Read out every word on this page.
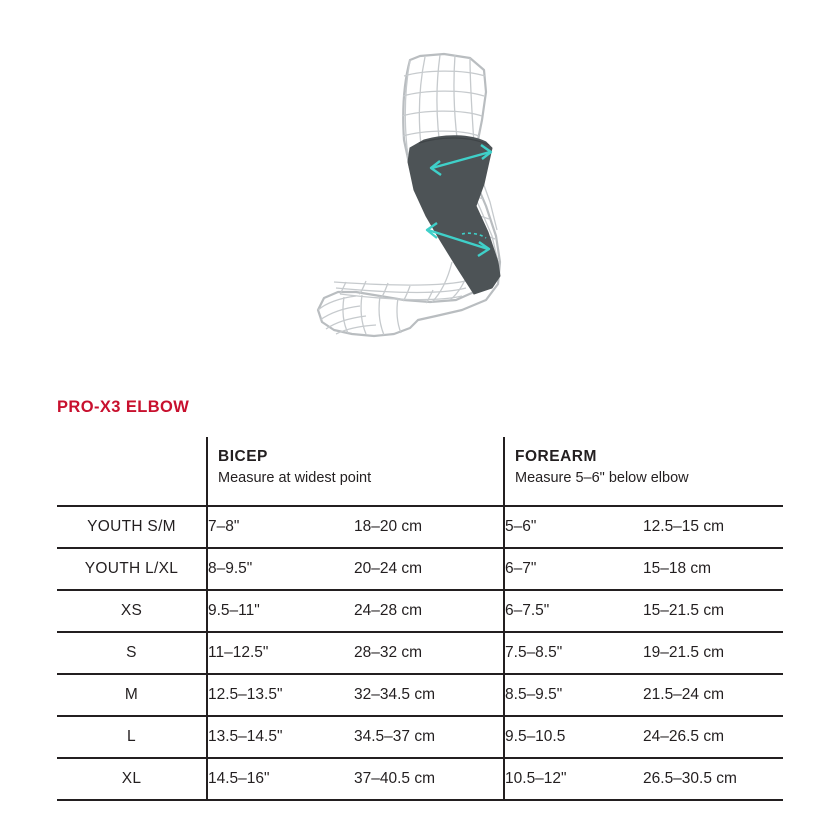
PRO-X3 ELBOW

BICEP
Measure at widest point

FOREARM
Measure 5–6" below elbow

YOUTH S/M	7–8"	18–20 cm	5–6"	12.5–15 cm
YOUTH L/XL	8–9.5"	20–24 cm	6–7"	15–18 cm
XS	9.5–11"	24–28 cm	6–7.5"	15–21.5 cm
S	11–12.5"	28–32 cm	7.5–8.5"	19–21.5 cm
M	12.5–13.5"	32–34.5 cm	8.5–9.5"	21.5–24 cm
L	13.5–14.5"	34.5–37 cm	9.5–10.5	24–26.5 cm
XL	14.5–16"	37–40.5 cm	10.5–12"	26.5–30.5 cm
